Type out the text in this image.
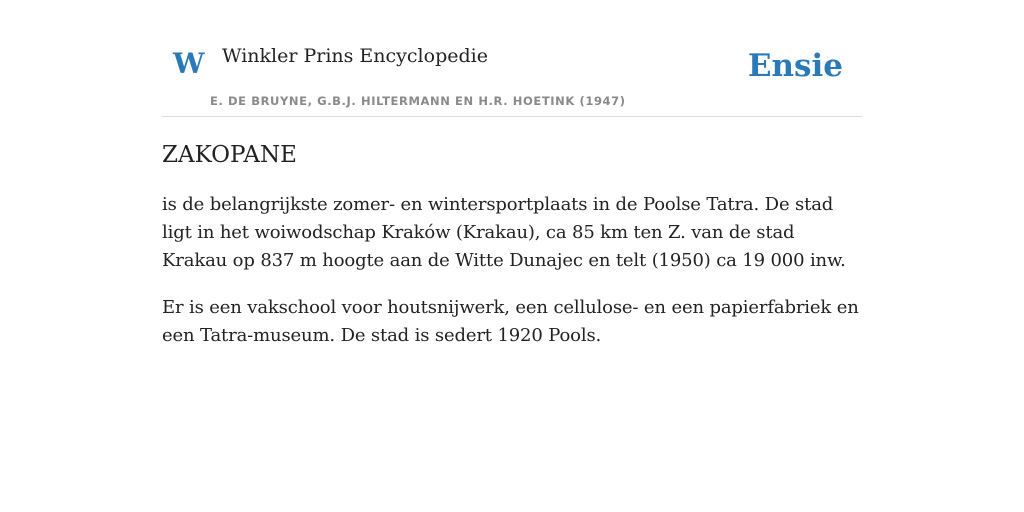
W Winkler Prins Encyclopedie
E. DE BRUYNE, G.B.J. HILTERMANN EN H.R. HOETINK (1947)
Ensie
ZAKOPANE

is de belangrijkste zomer- en wintersportplaats in de Poolse Tatra. De stad ligt in het woiwodschap Kraków (Krakau), ca 85 km ten Z. van de stad Krakau op 837 m hoogte aan de Witte Dunajec en telt (1950) ca 19 000 inw.

Er is een vakschool voor houtsnijwerk, een cellulose- en een papierfabriek en een Tatra-museum. De stad is sedert 1920 Pools.
